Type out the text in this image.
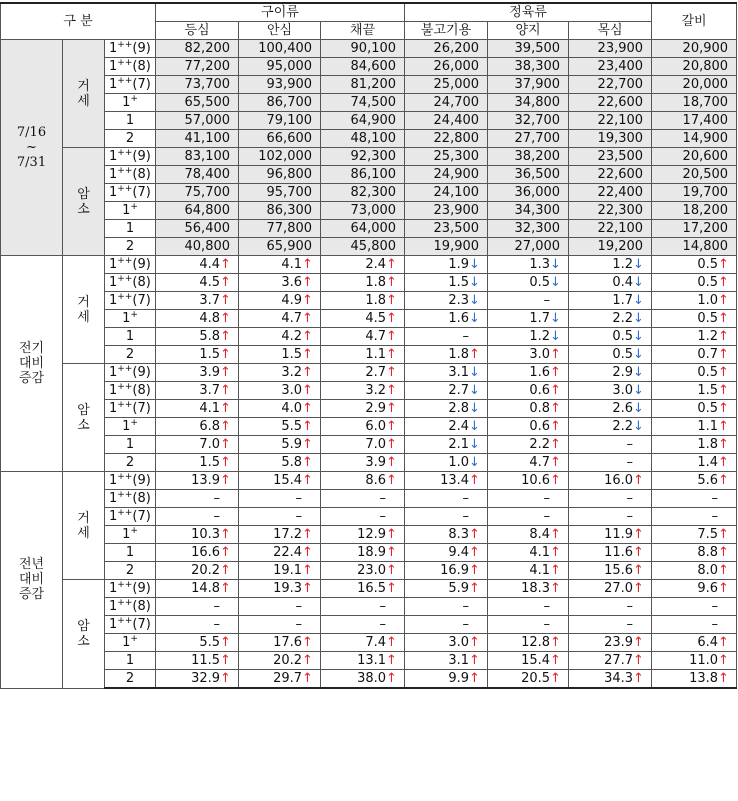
구 분			구이류			정육류			갈비
			등심	안심	채끝	불고기용	양지	목심	
7/16
~
7/31	거
세	1++(9)	82,200	100,400	90,100	26,200	39,500	23,900	20,900
		1++(8)	77,200	95,000	84,600	26,000	38,300	23,400	20,800
		1++(7)	73,700	93,900	81,200	25,000	37,900	22,700	20,000
		1+	65,500	86,700	74,500	24,700	34,800	22,600	18,700
		1	57,000	79,100	64,900	24,400	32,700	22,100	17,400
		2	41,100	66,600	48,100	22,800	27,700	19,300	14,900
	암
소	1++(9)	83,100	102,000	92,300	25,300	38,200	23,500	20,600
		1++(8)	78,400	96,800	86,100	24,900	36,500	22,600	20,500
		1++(7)	75,700	95,700	82,300	24,100	36,000	22,400	19,700
		1+	64,800	86,300	73,000	23,900	34,300	22,300	18,200
		1	56,400	77,800	64,000	23,500	32,300	22,100	17,200
		2	40,800	65,900	45,800	19,900	27,000	19,200	14,800
전기
대비
증감	거
세	1++(9)	4.4↑	4.1↑	2.4↑	1.9↓	1.3↓	1.2↓	0.5↑
		1++(8)	4.5↑	3.6↑	1.8↑	1.5↓	0.5↓	0.4↓	0.5↑
		1++(7)	3.7↑	4.9↑	1.8↑	2.3↓	–	1.7↓	1.0↑
		1+	4.8↑	4.7↑	4.5↑	1.6↓	1.7↓	2.2↓	0.5↑
		1	5.8↑	4.2↑	4.7↑	–	1.2↓	0.5↓	1.2↑
		2	1.5↑	1.5↑	1.1↑	1.8↑	3.0↑	0.5↓	0.7↑
	암
소	1++(9)	3.9↑	3.2↑	2.7↑	3.1↓	1.6↑	2.9↓	0.5↑
		1++(8)	3.7↑	3.0↑	3.2↑	2.7↓	0.6↑	3.0↓	1.5↑
		1++(7)	4.1↑	4.0↑	2.9↑	2.8↓	0.8↑	2.6↓	0.5↑
		1+	6.8↑	5.5↑	6.0↑	2.4↓	0.6↑	2.2↓	1.1↑
		1	7.0↑	5.9↑	7.0↑	2.1↓	2.2↑	–	1.8↑
		2	1.5↑	5.8↑	3.9↑	1.0↓	4.7↑	–	1.4↑
전년
대비
증감	거
세	1++(9)	13.9↑	15.4↑	8.6↑	13.4↑	10.6↑	16.0↑	5.6↑
		1++(8)	–	–	–	–	–	–	–
		1++(7)	–	–	–	–	–	–	–
		1+	10.3↑	17.2↑	12.9↑	8.3↑	8.4↑	11.9↑	7.5↑
		1	16.6↑	22.4↑	18.9↑	9.4↑	4.1↑	11.6↑	8.8↑
		2	20.2↑	19.1↑	23.0↑	16.9↑	4.1↑	15.6↑	8.0↑
	암
소	1++(9)	14.8↑	19.3↑	16.5↑	5.9↑	18.3↑	27.0↑	9.6↑
		1++(8)	–	–	–	–	–	–	–
		1++(7)	–	–	–	–	–	–	–
		1+	5.5↑	17.6↑	7.4↑	3.0↑	12.8↑	23.9↑	6.4↑
		1	11.5↑	20.2↑	13.1↑	3.1↑	15.4↑	27.7↑	11.0↑
		2	32.9↑	29.7↑	38.0↑	9.9↑	20.5↑	34.3↑	13.8↑
